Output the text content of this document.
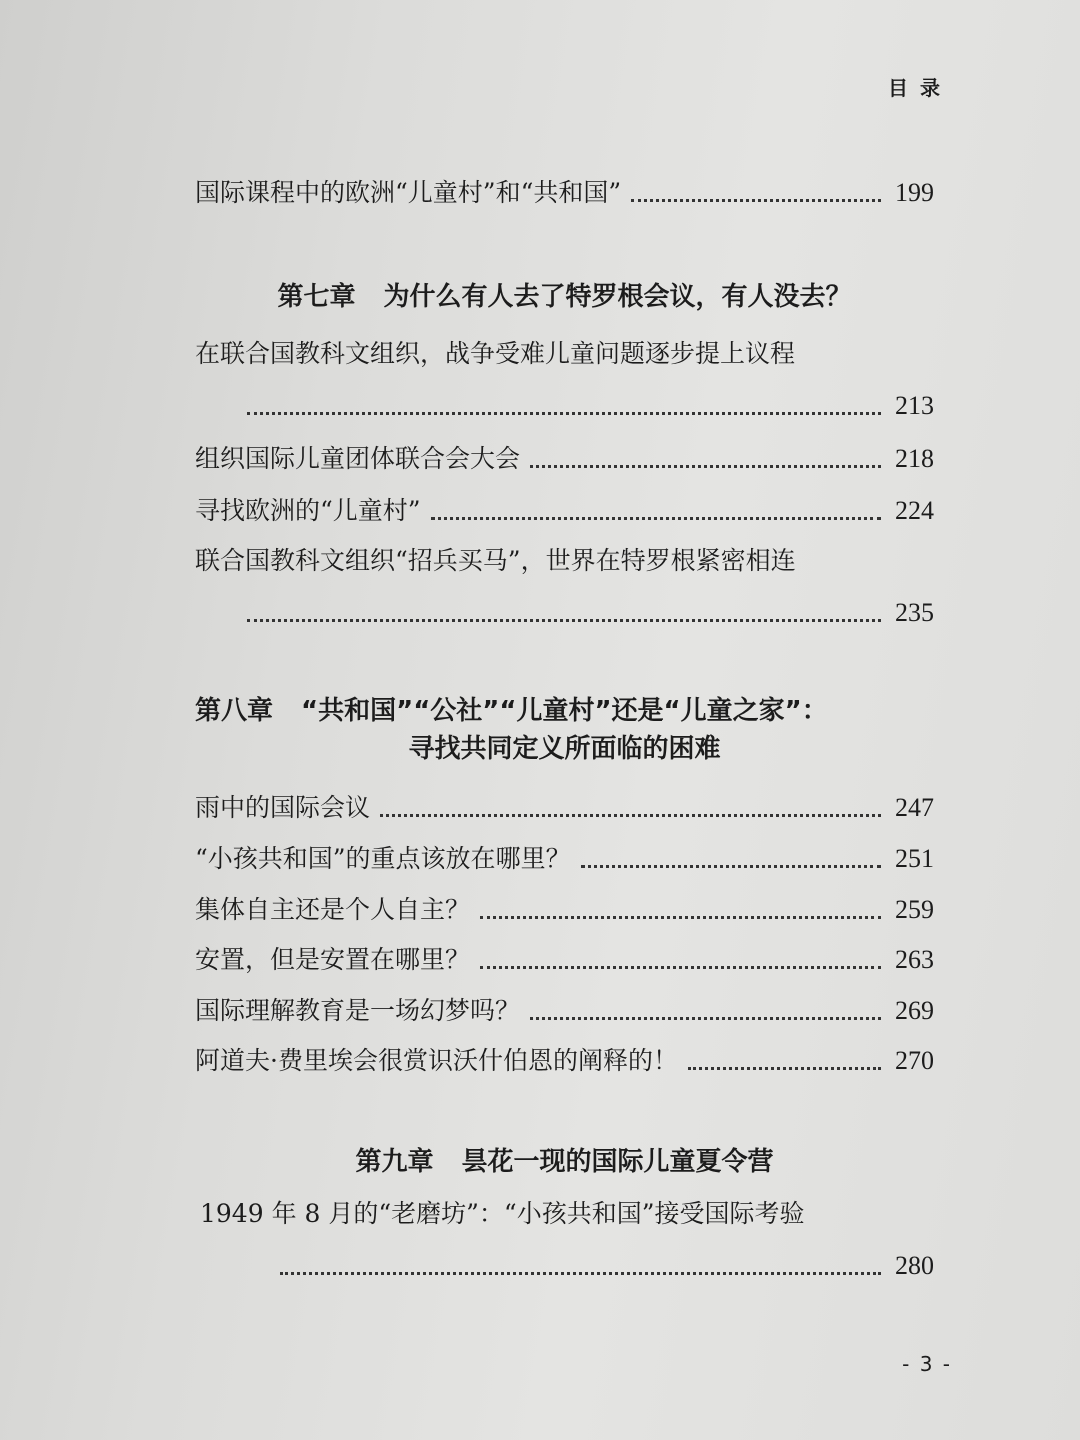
目录
国际课程中的欧洲“儿童村”和“共和国”	199
第七章 为什么有人去了特罗根会议，有人没去？
在联合国教科文组织，战争受难儿童问题逐步提上议程
213
组织国际儿童团体联合会大会	218
寻找欧洲的“儿童村”	224
联合国教科文组织“招兵买马”，世界在特罗根紧密相连
235
第八章 “共和国”“公社”“儿童村”还是“儿童之家”：
寻找共同定义所面临的困难
雨中的国际会议	247
“小孩共和国”的重点该放在哪里？	251
集体自主还是个人自主？	259
安置，但是安置在哪里？	263
国际理解教育是一场幻梦吗？	269
阿道夫·费里埃会很赏识沃什伯恩的阐释的！	270
第九章 昙花一现的国际儿童夏令营
1949 年 8 月的“老磨坊”：“小孩共和国”接受国际考验
280
- 3 -
